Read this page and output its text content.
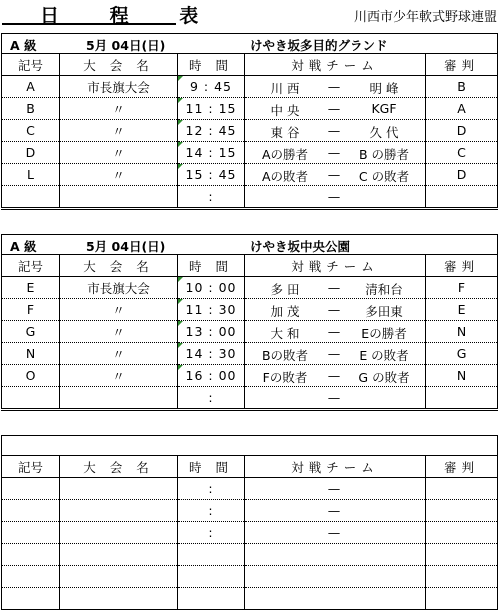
日 程 表	川西市少年軟式野球連盟
A 級 5月 04日(日) けやき坂多目的グランド				

記号	大 会 名	時 間	対戦チーム	審判
A	市長旗大会	9 : 45	川 西 — 明 峰	B
B	〃	11 : 15	中 央 — KGF	A
C	〃	12 : 45	東 谷 — 久 代	D
D	〃	14 : 15	Aの勝者 — B の勝者	C
L	〃	15 : 45	Aの敗者 — C の敗者	D
		:	—	

A 級 5月 04日(日) けやき坂中央公園				

記号	大 会 名	時 間	対戦チーム	審判
E	市長旗大会	10 : 00	多 田 — 清和台	F
F	〃	11 : 30	加 茂 — 多田東	E
G	〃	13 : 00	大 和 — Eの勝者	N
N	〃	14 : 30	Bの敗者 — E の敗者	G
O	〃	16 : 00	Fの敗者 — G の敗者	N
		:	—	

記号	大 会 名	時 間	対戦チーム	審判
		:	—	

		:	—	

		:	—	
